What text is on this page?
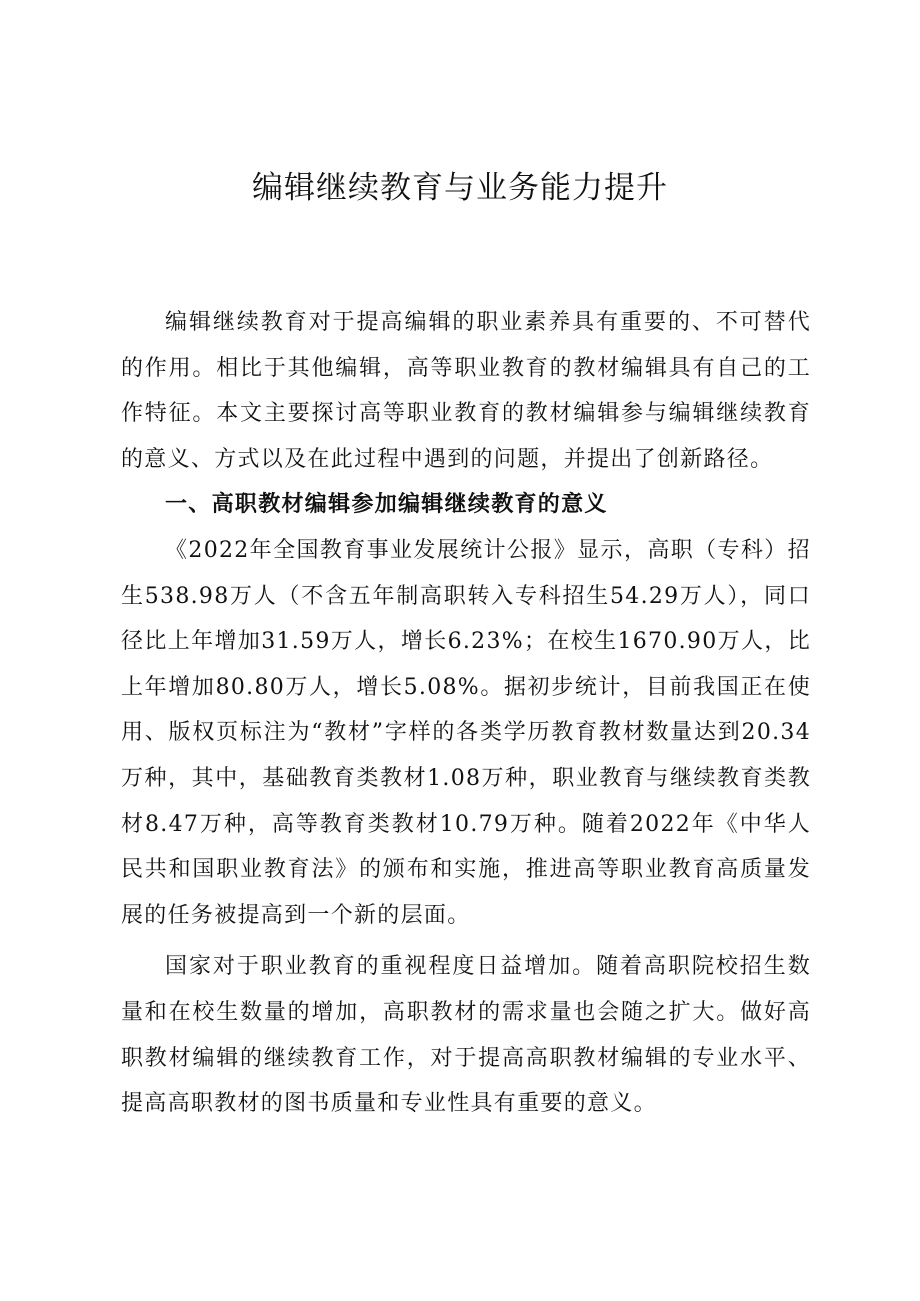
编辑继续教育与业务能力提升

编辑继续教育对于提高编辑的职业素养具有重要的、不可替代的作用。相比于其他编辑，高等职业教育的教材编辑具有自己的工作特征。本文主要探讨高等职业教育的教材编辑参与编辑继续教育的意义、方式以及在此过程中遇到的问题，并提出了创新路径。

一、高职教材编辑参加编辑继续教育的意义

《2022年全国教育事业发展统计公报》显示，高职（专科）招生538.98万人（不含五年制高职转入专科招生54.29万人），同口径比上年增加31.59万人，增长6.23%；在校生1670.90万人，比上年增加80.80万人，增长5.08%。据初步统计，目前我国正在使用、版权页标注为“教材”字样的各类学历教育教材数量达到20.34万种，其中，基础教育类教材1.08万种，职业教育与继续教育类教材8.47万种，高等教育类教材10.79万种。随着2022年《中华人民共和国职业教育法》的颁布和实施，推进高等职业教育高质量发展的任务被提高到一个新的层面。

国家对于职业教育的重视程度日益增加。随着高职院校招生数量和在校生数量的增加，高职教材的需求量也会随之扩大。做好高职教材编辑的继续教育工作，对于提高高职教材编辑的专业水平、提高高职教材的图书质量和专业性具有重要的意义。
